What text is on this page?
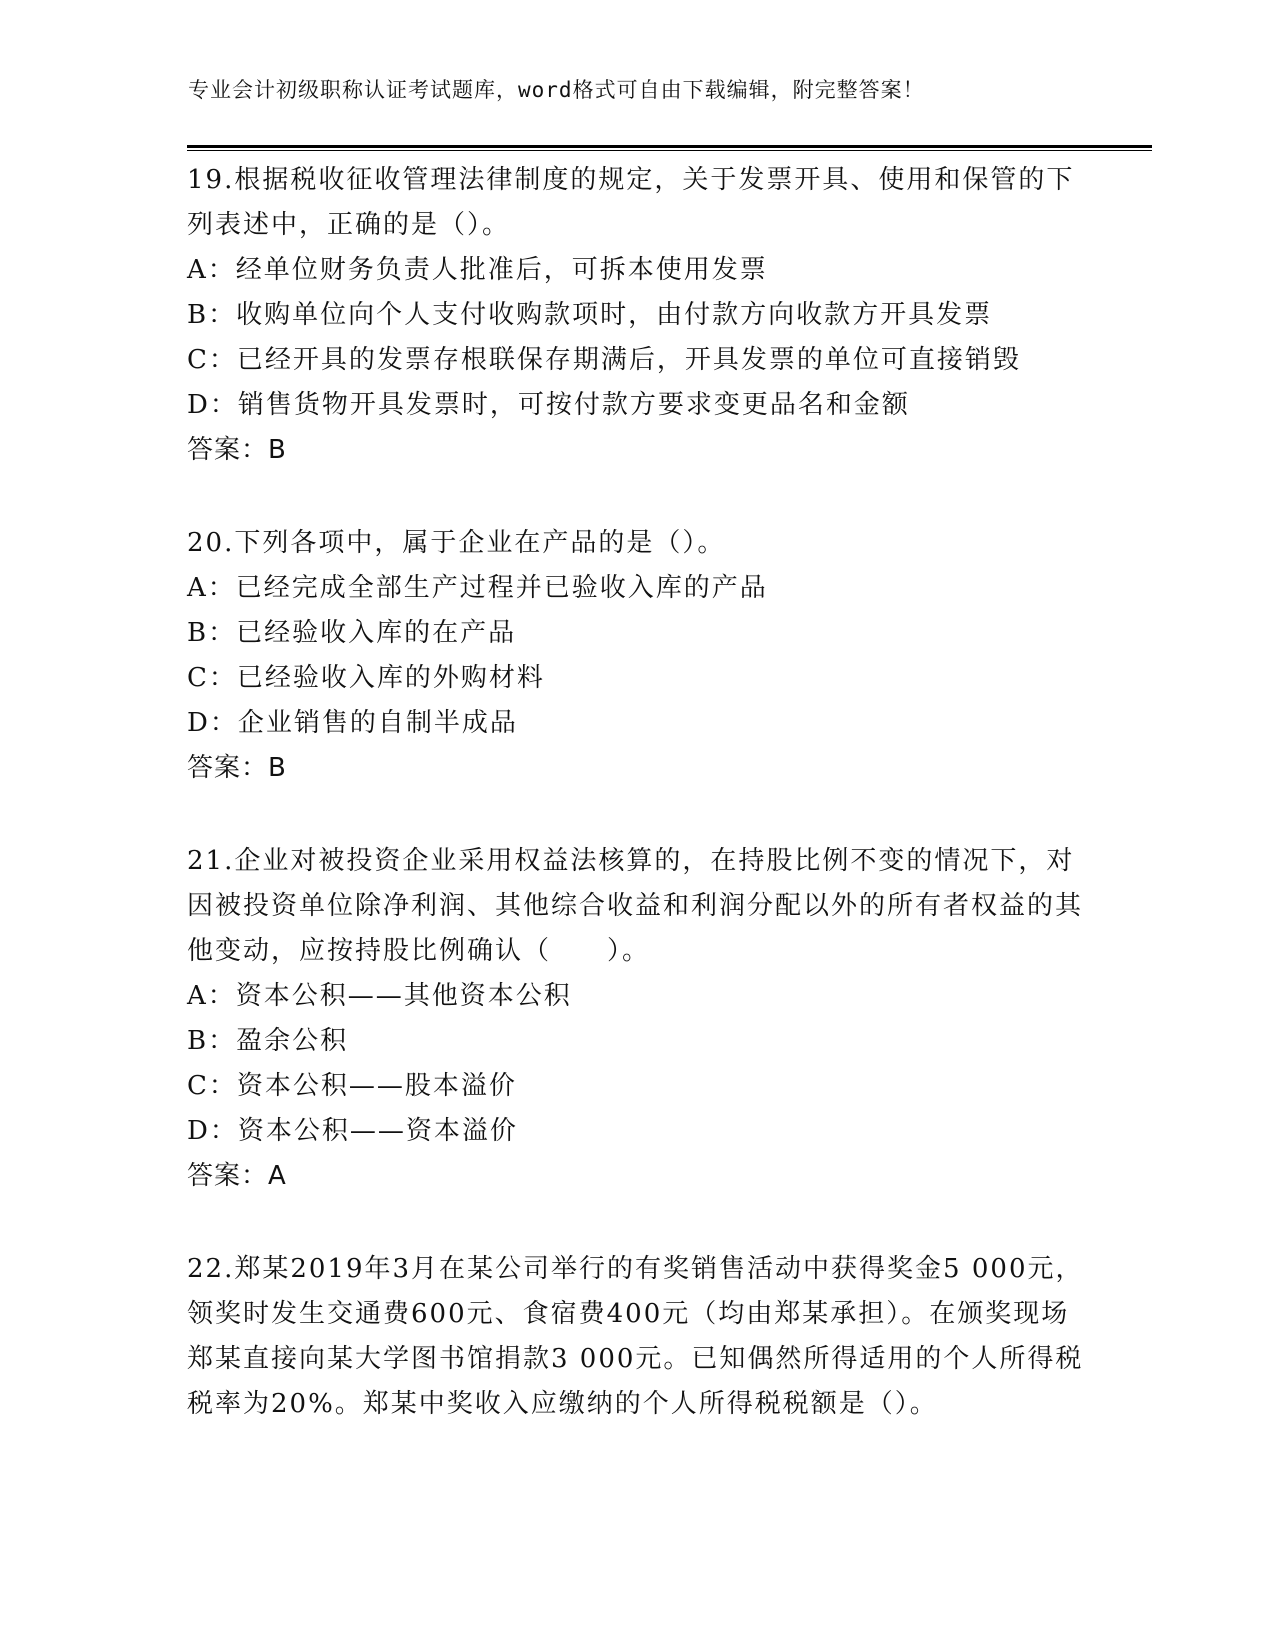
专业会计初级职称认证考试题库，word格式可自由下载编辑，附完整答案！
19.根据税收征收管理法律制度的规定，关于发票开具、使用和保管的下列表述中，正确的是（）。
A：经单位财务负责人批准后，可拆本使用发票
B：收购单位向个人支付收购款项时，由付款方向收款方开具发票
C：已经开具的发票存根联保存期满后，开具发票的单位可直接销毁
D：销售货物开具发票时，可按付款方要求变更品名和金额
答案：B
20.下列各项中，属于企业在产品的是（）。
A：已经完成全部生产过程并已验收入库的产品
B：已经验收入库的在产品
C：已经验收入库的外购材料
D：企业销售的自制半成品
答案：B
21.企业对被投资企业采用权益法核算的，在持股比例不变的情况下，对因被投资单位除净利润、其他综合收益和利润分配以外的所有者权益的其他变动，应按持股比例确认（　　）。
A：资本公积——其他资本公积
B：盈余公积
C：资本公积——股本溢价
D：资本公积——资本溢价
答案：A
22.郑某2019年3月在某公司举行的有奖销售活动中获得奖金5 000元，领奖时发生交通费600元、食宿费400元（均由郑某承担）。在颁奖现场郑某直接向某大学图书馆捐款3 000元。已知偶然所得适用的个人所得税税率为20%。郑某中奖收入应缴纳的个人所得税税额是（）。
